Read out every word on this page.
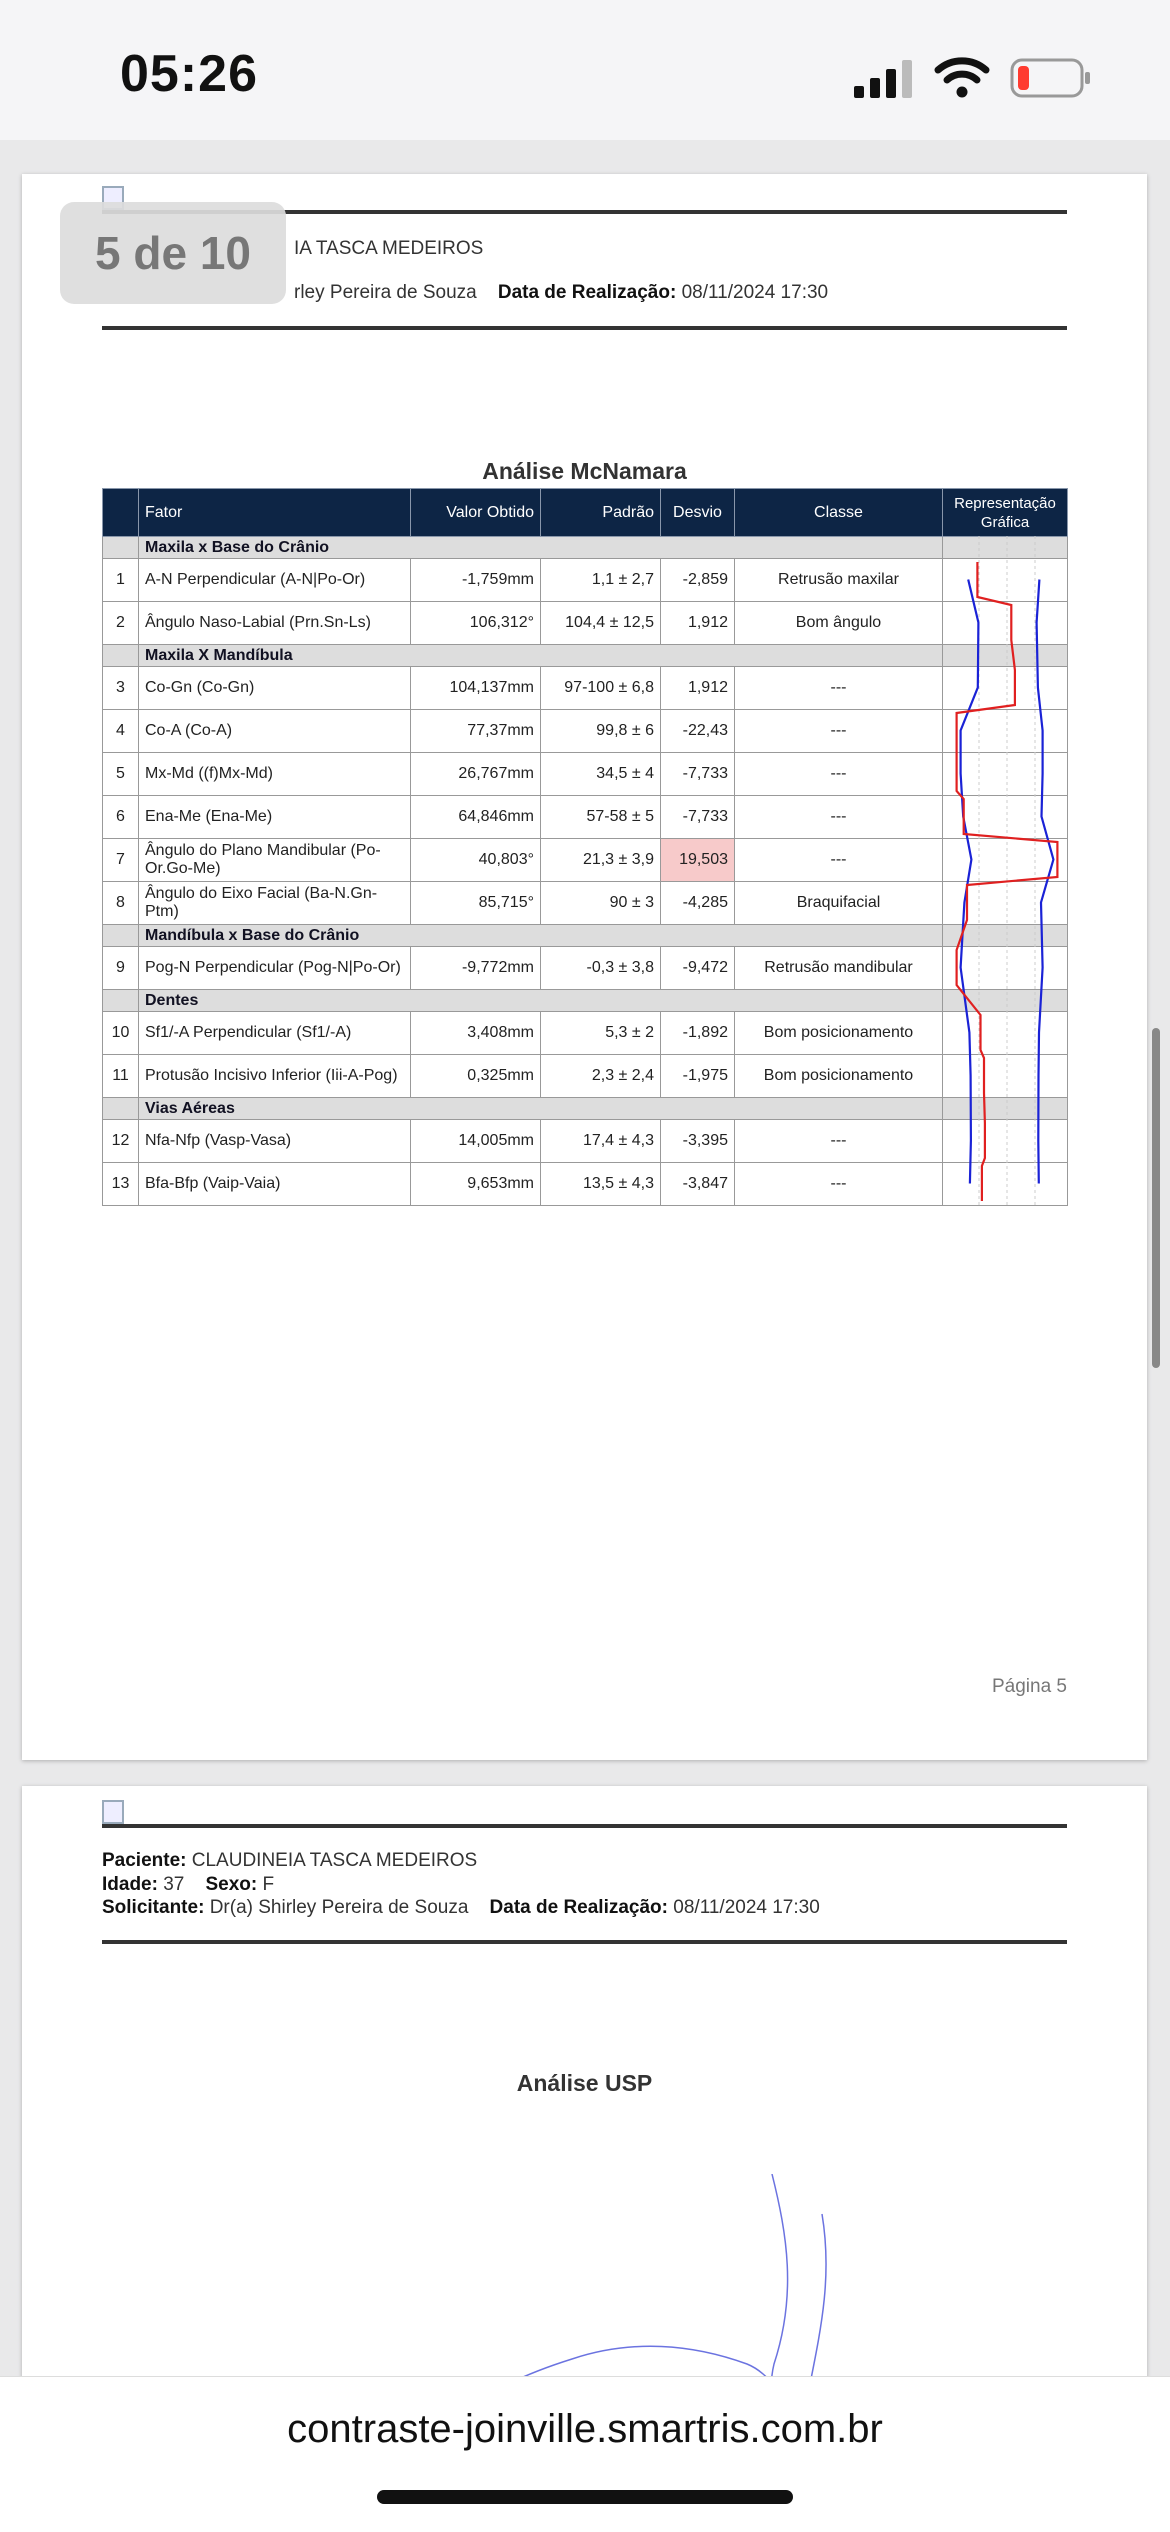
05:26
IA TASCA MEDEIROS
rley Pereira de Souza Data de Realização: 08/11/2024 17:30
Análise McNamara
	Fator	Valor Obtido	Padrão	Desvio	Classe	Representação Gráfica
	Maxila x Base do Crânio					
1	A-N Perpendicular (A-N|Po-Or)	-1,759mm	1,1 ± 2,7	-2,859	Retrusão maxilar	
2	Ângulo Naso-Labial (Prn.Sn-Ls)	106,312°	104,4 ± 12,5	1,912	Bom ângulo	
	Maxila X Mandíbula					
3	Co-Gn (Co-Gn)	104,137mm	97-100 ± 6,8	1,912	---	
4	Co-A (Co-A)	77,37mm	99,8 ± 6	-22,43	---	
5	Mx-Md ((f)Mx-Md)	26,767mm	34,5 ± 4	-7,733	---	
6	Ena-Me (Ena-Me)	64,846mm	57-58 ± 5	-7,733	---	
7	Ângulo do Plano Mandibular (Po-Or.Go-Me)	40,803°	21,3 ± 3,9	19,503	---	
8	Ângulo do Eixo Facial (Ba-N.Gn-Ptm)	85,715°	90 ± 3	-4,285	Braquifacial	
	Mandíbula x Base do Crânio					
9	Pog-N Perpendicular (Pog-N|Po-Or)	-9,772mm	-0,3 ± 3,8	-9,472	Retrusão mandibular	
	Dentes					
10	Sf1/-A Perpendicular (Sf1/-A)	3,408mm	5,3 ± 2	-1,892	Bom posicionamento	
11	Protusão Incisivo Inferior (Iii-A-Pog)	0,325mm	2,3 ± 2,4	-1,975	Bom posicionamento	
	Vias Aéreas					
12	Nfa-Nfp (Vasp-Vasa)	14,005mm	17,4 ± 4,3	-3,395	---	
13	Bfa-Bfp (Vaip-Vaia)	9,653mm	13,5 ± 4,3	-3,847	---	
Página 5
5 de 10
Paciente: CLAUDINEIA TASCA MEDEIROS
Idade: 37 Sexo: F
Solicitante: Dr(a) Shirley Pereira de Souza Data de Realização: 08/11/2024 17:30
Análise USP
contraste-joinville.smartris.com.br
